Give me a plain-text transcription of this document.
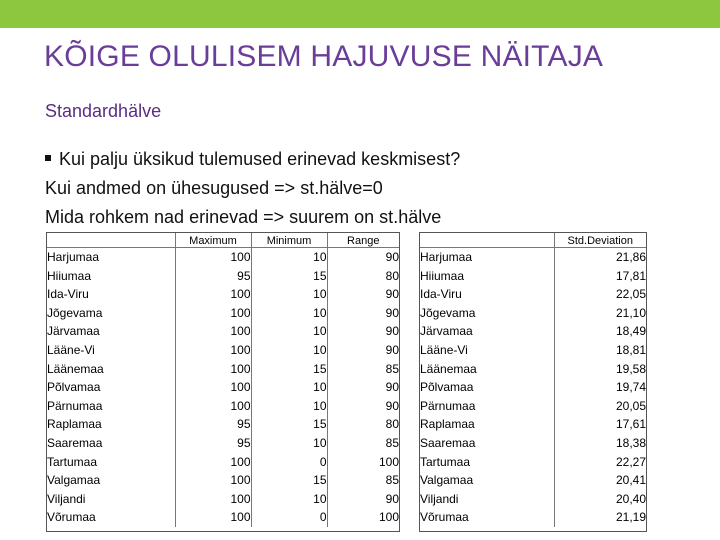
KÕIGE OLULISEM HAJUVUSE NÄITAJA
Standardhälve
Kui palju üksikud tulemused erinevad keskmisest?
Kui andmed on ühesugused => st.hälve=0
Mida rohkem nad erinevad => suurem on st.hälve
	Maximum	Minimum	Range
Harjumaa	100	10	90
Hiiumaa	95	15	80
Ida-Viru	100	10	90
Jõgevama	100	10	90
Järvamaa	100	10	90
Lääne-Vi	100	10	90
Läänemaa	100	15	85
Põlvamaa	100	10	90
Pärnumaa	100	10	90
Raplamaa	95	15	80
Saaremaa	95	10	85
Tartumaa	100	0	100
Valgamaa	100	15	85
Viljandi	100	10	90
Võrumaa	100	0	100
	Std.Deviation
Harjumaa	21,86
Hiiumaa	17,81
Ida-Viru	22,05
Jõgevama	21,10
Järvamaa	18,49
Lääne-Vi	18,81
Läänemaa	19,58
Põlvamaa	19,74
Pärnumaa	20,05
Raplamaa	17,61
Saaremaa	18,38
Tartumaa	22,27
Valgamaa	20,41
Viljandi	20,40
Võrumaa	21,19
